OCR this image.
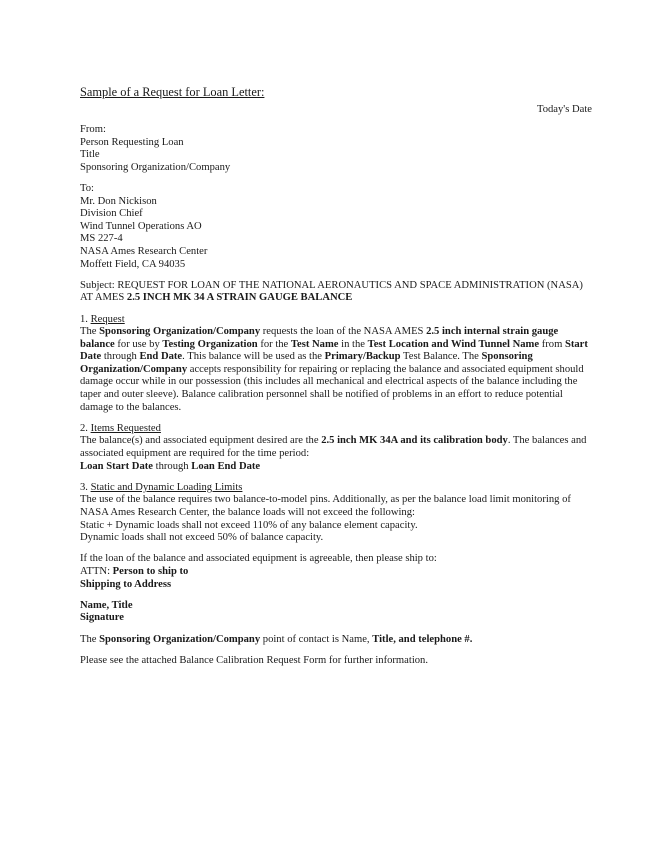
Sample of a Request for Loan Letter:

Today's Date

From:
Person Requesting Loan
Title
Sponsoring Organization/Company
To:
Mr. Don Nickison
Division Chief
Wind Tunnel Operations AO
MS 227-4
NASA Ames Research Center
Moffett Field, CA 94035

Subject: REQUEST FOR LOAN OF THE NATIONAL AERONAUTICS AND SPACE ADMINISTRATION (NASA) AT AMES 2.5 INCH MK 34 A STRAIN GAUGE BALANCE

1. Request

The Sponsoring Organization/Company requests the loan of the NASA AMES 2.5 inch internal strain gauge balance for use by Testing Organization for the Test Name in the Test Location and Wind Tunnel Name from Start Date through End Date. This balance will be used as the Primary/Backup Test Balance. The Sponsoring Organization/Company accepts responsibility for repairing or replacing the balance and associated equipment should damage occur while in our possession (this includes all mechanical and electrical aspects of the balance including the taper and outer sleeve). Balance calibration personnel shall be notified of problems in an effort to reduce potential damage to the balances.

2. Items Requested

The balance(s) and associated equipment desired are the 2.5 inch MK 34A and its calibration body. The balances and associated equipment are required for the time period:

Loan Start Date through Loan End Date
3. Static and Dynamic Loading Limits

The use of the balance requires two balance-to-model pins. Additionally, as per the balance load limit monitoring of NASA Ames Research Center, the balance loads will not exceed the following:

Static + Dynamic loads shall not exceed 110% of any balance element capacity.
Dynamic loads shall not exceed 50% of balance capacity.
If the loan of the balance and associated equipment is agreeable, then please ship to:
ATTN: Person to ship to
Shipping to Address
Name, Title
Signature

The Sponsoring Organization/Company point of contact is Name, Title, and telephone #.

Please see the attached Balance Calibration Request Form for further information.
